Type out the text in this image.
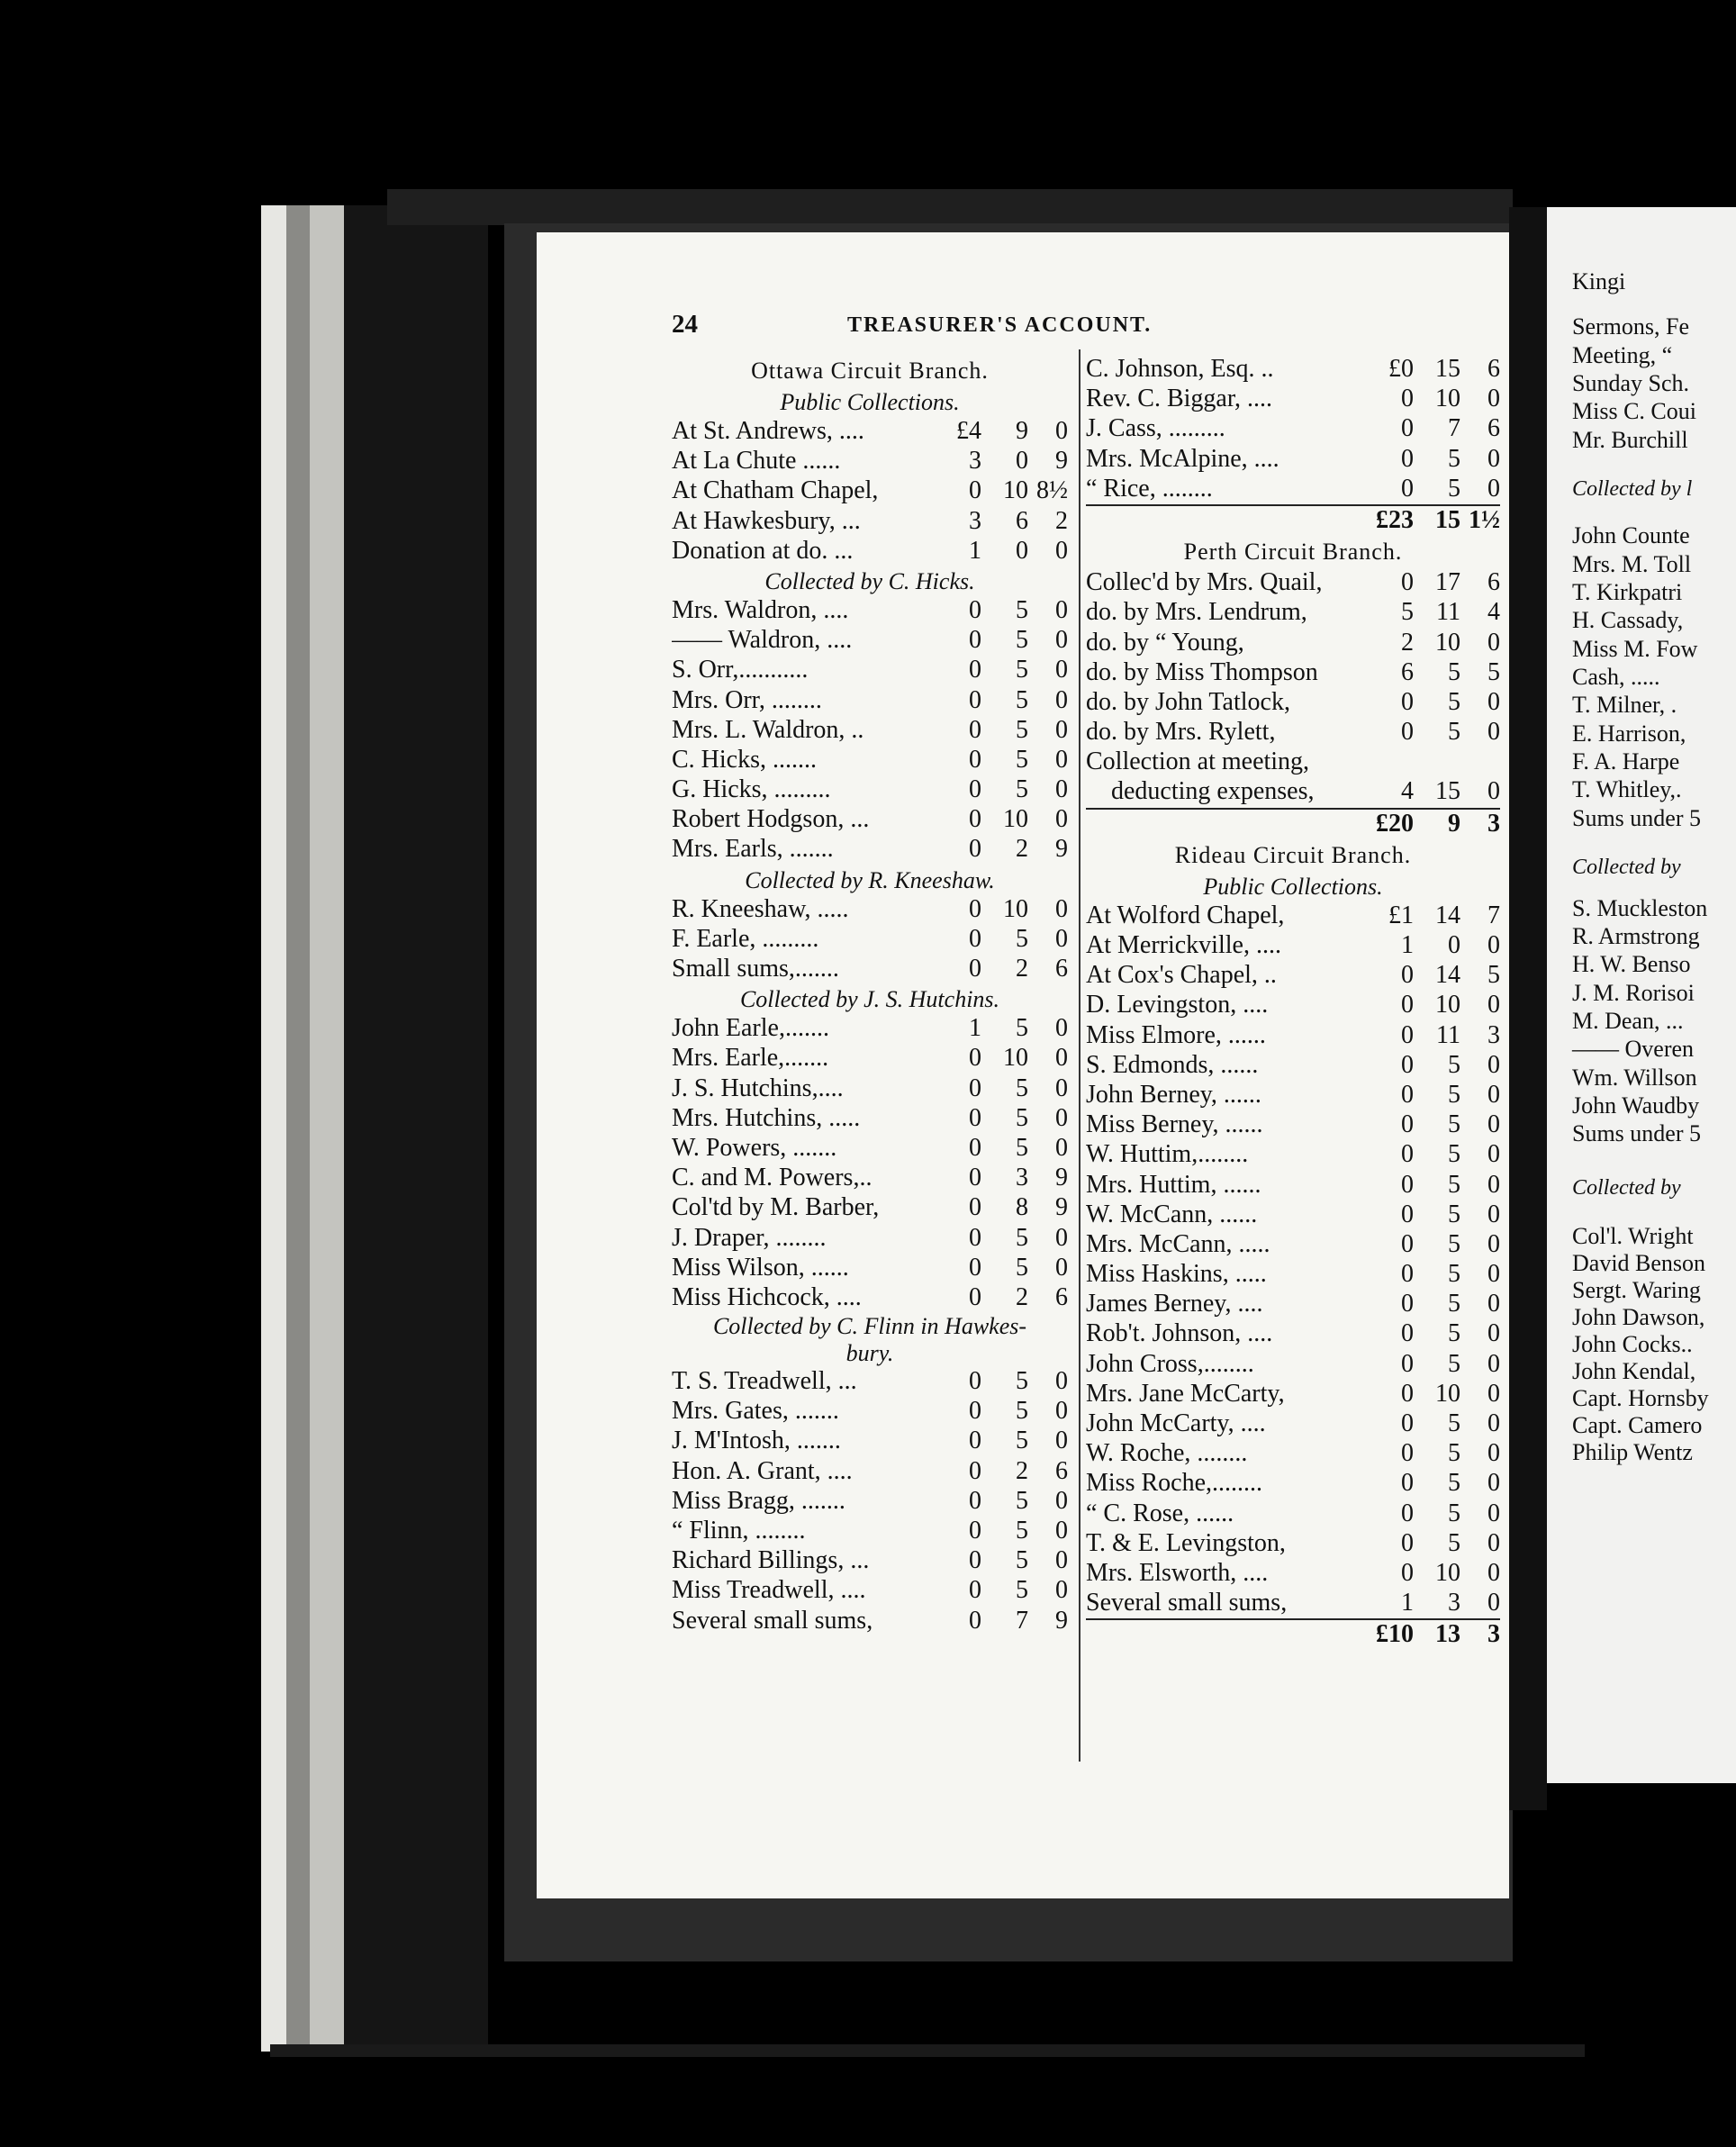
24	TREASURER'S ACCOUNT.
Ottawa Circuit Branch.
Public Collections.
At St. Andrews, ....	£4	9	0
At La Chute ......	3	0	9
At Chatham Chapel,	0 10 8½
At Hawkesbury, ...	3	6	2
Donation at do. ...	1	0	0
Collected by C. Hicks.
Mrs. Waldron, ....	0	5	0
—— Waldron, ....	0	5	0
S. Orr,...........	0	5	0
Mrs. Orr, ........	0	5	0
Mrs. L. Waldron, ..	0	5	0
C. Hicks, .......	0	5	0
G. Hicks, .........	0	5	0
Robert Hodgson, ...	0 10	0
Mrs. Earls, .......	0	2	9
Collected by R. Kneeshaw.
R. Kneeshaw, .....	0 10	0
F. Earle, .........	0	5	0
Small sums,.......	0	2	6
Collected by J. S. Hutchins.
John Earle,.......	1	5	0
Mrs. Earle,.......	0 10	0
J. S. Hutchins,....	0	5	0
Mrs. Hutchins, .....	0	5	0
W. Powers, .......	0	5	0
C. and M. Powers,..	0	3	9
Col'td by M. Barber,	0	8	9
J. Draper, ........	0	5	0
Miss Wilson, ......	0	5	0
Miss Hichcock, ....	0	2	6
Collected by C. Flinn in Hawkes-
bury.
T. S. Treadwell, ...	0	5	0
Mrs. Gates, .......	0	5	0
J. M'Intosh, .......	0	5	0
Hon. A. Grant, ....	0	2	6
Miss Bragg, .......	0	5	0
“ Flinn, ........	0	5	0
Richard Billings, ...	0	5	0
Miss Treadwell, ....	0	5	0
Several small sums,	0	7	9
C. Johnson, Esq. ..	£0 15	6
Rev. C. Biggar, ....	0 10	0
J. Cass, .........	0	7	6
Mrs. McAlpine, ....	0	5	0
“ Rice, ........	0	5	0
£23 15 1½
Perth Circuit Branch.
Collec'd by Mrs. Quail,	0 17	6
do. by Mrs. Lendrum,	5 11	4
do. by “ Young,	2 10	0
do. by Miss Thompson	6	5	5
do. by John Tatlock,	0	5	0
do. by Mrs. Rylett,	0	5	0
Collection at meeting,
deducting expenses,	4 15	0
£20	9	3
Rideau Circuit Branch.
Public Collections.
At Wolford Chapel,	£1 14	7
At Merrickville, ....	1	0	0
At Cox's Chapel, ..	0 14	5
D. Levingston, ....	0 10	0
Miss Elmore, ......	0 11	3
S. Edmonds, ......	0	5	0
John Berney, ......	0	5	0
Miss Berney, ......	0	5	0
W. Huttim,........	0	5	0
Mrs. Huttim, ......	0	5	0
W. McCann, ......	0	5	0
Mrs. McCann, .....	0	5	0
Miss Haskins, .....	0	5	0
James Berney, ....	0	5	0
Rob't. Johnson, ....	0	5	0
John Cross,........	0	5	0
Mrs. Jane McCarty,	0 10	0
John McCarty, ....	0	5	0
W. Roche, ........	0	5	0
Miss Roche,........	0	5	0
“ C. Rose, ......	0	5	0
T. & E. Levingston,	0	5	0
Mrs. Elsworth, ....	0 10	0
Several small sums,	1	3	0
£10 13	3
Kingi
Sermons, Fe
Meeting, “
Sunday Sch.
Miss C. Coui
Mr. Burchill
Collected by l
John Counte
Mrs. M. Toll
T. Kirkpatri
H. Cassady,
Miss M. Fow
Cash, .....
T. Milner, .
E. Harrison,
F. A. Harpe
T. Whitley,.
Sums under 5
Collected by
S. Muckleston
R. Armstrong
H. W. Benso
J. M. Rorisoi
M. Dean, ...
—— Overen
Wm. Willson
John Waudby
Sums under 5
Collected by
Col'l. Wright
David Benson
Sergt. Waring
John Dawson,
John Cocks..
John Kendal,
Capt. Hornsby
Capt. Camero
Philip Wentz
